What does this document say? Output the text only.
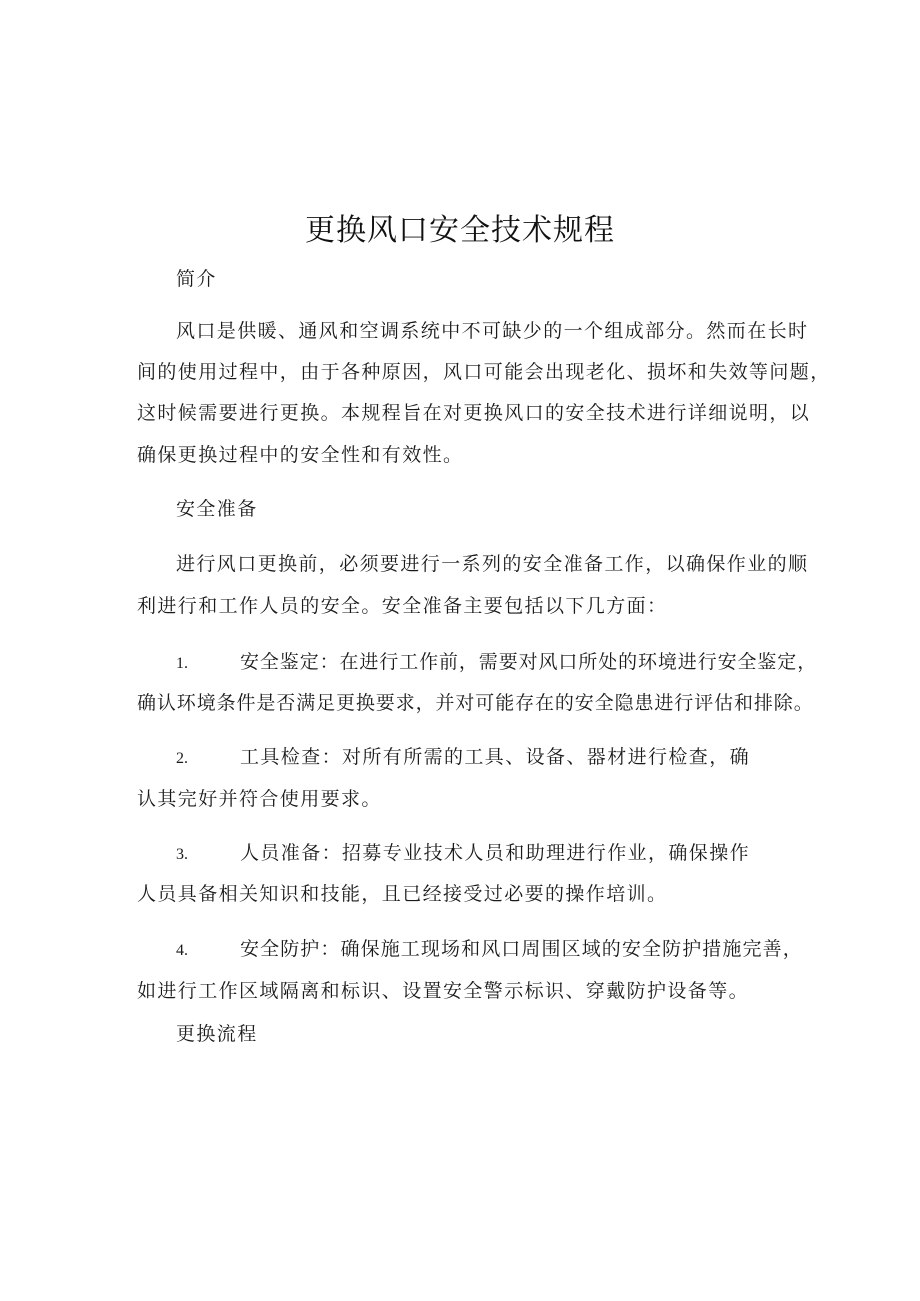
更换风口安全技术规程
简介
风口是供暖、通风和空调系统中不可缺少的一个组成部分。然而在长时
间的使用过程中，由于各种原因，风口可能会出现老化、损坏和失效等问题，
这时候需要进行更换。本规程旨在对更换风口的安全技术进行详细说明，以
确保更换过程中的安全性和有效性。
安全准备
进行风口更换前，必须要进行一系列的安全准备工作，以确保作业的顺
利进行和工作人员的安全。安全准备主要包括以下几方面：
1.	安全鉴定：在进行工作前，需要对风口所处的环境进行安全鉴定，
确认环境条件是否满足更换要求，并对可能存在的安全隐患进行评估和排除。
2.	工具检查：对所有所需的工具、设备、器材进行检查，确
认其完好并符合使用要求。
3.	人员准备：招募专业技术人员和助理进行作业，确保操作
人员具备相关知识和技能，且已经接受过必要的操作培训。
4.	安全防护：确保施工现场和风口周围区域的安全防护措施完善，
如进行工作区域隔离和标识、设置安全警示标识、穿戴防护设备等。
更换流程
